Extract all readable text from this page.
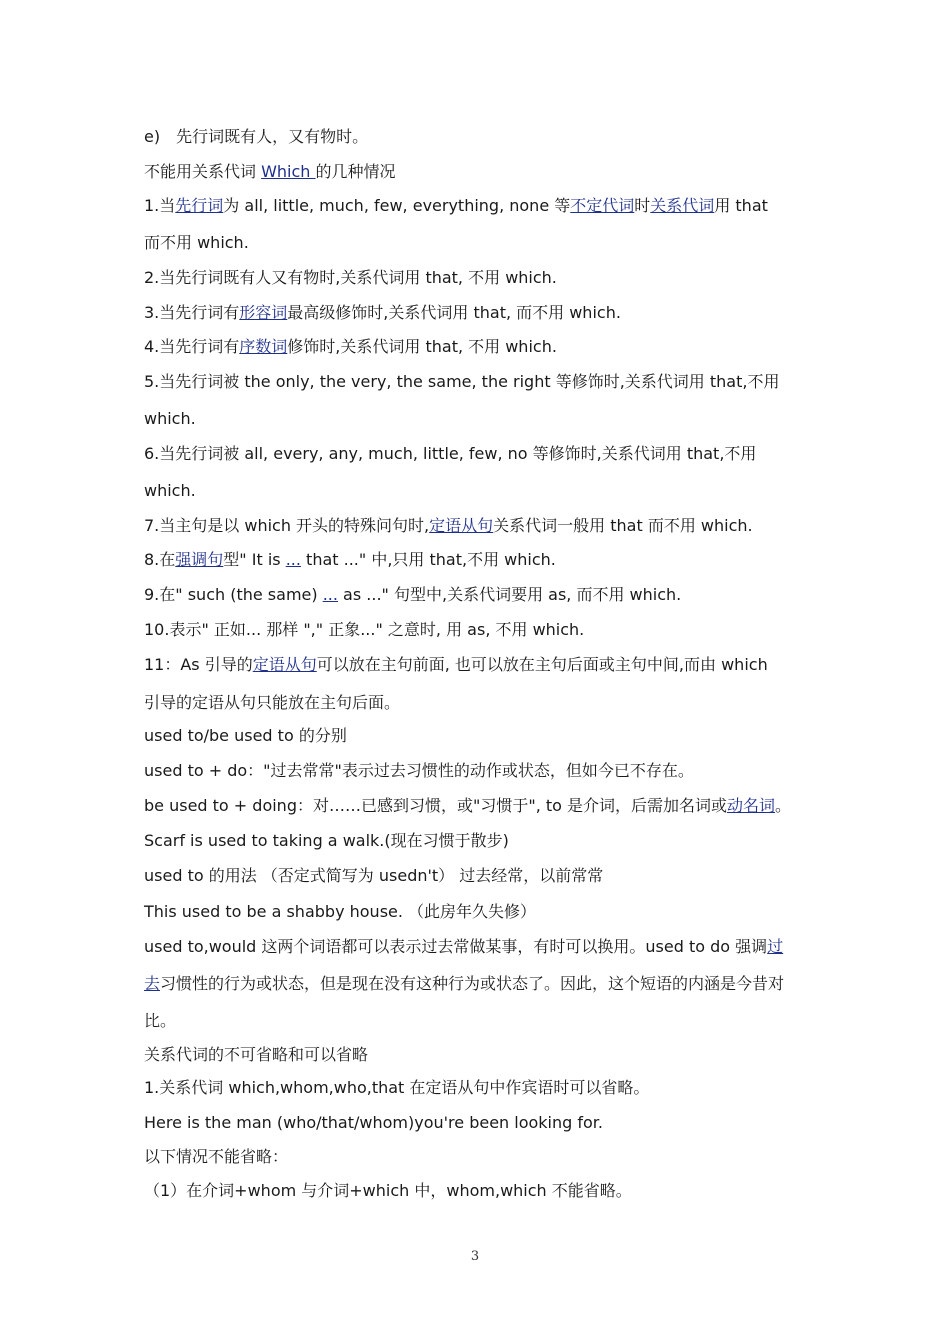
e)　先行词既有人，又有物时。
不能用关系代词 Which 的几种情况
1.当先行词为 all, little, much, few, everything, none 等不定代词时关系代词用 that
而不用 which.
2.当先行词既有人又有物时,关系代词用 that, 不用 which.
3.当先行词有形容词最高级修饰时,关系代词用 that, 而不用 which.
4.当先行词有序数词修饰时,关系代词用 that, 不用 which.
5.当先行词被 the only, the very, the same, the right 等修饰时,关系代词用 that,不用
which.
6.当先行词被 all, every, any, much, little, few, no 等修饰时,关系代词用 that,不用
which.
7.当主句是以 which 开头的特殊问句时,定语从句关系代词一般用 that 而不用 which.
8.在强调句型" It is ... that ..." 中,只用 that,不用 which.
9.在" such (the same) ... as ..." 句型中,关系代词要用 as, 而不用 which.
10.表示" 正如... 那样 "," 正象..." 之意时, 用 as, 不用 which.
11：As 引导的定语从句可以放在主句前面, 也可以放在主句后面或主句中间,而由 which
引导的定语从句只能放在主句后面。
used to/be used to 的分别
used to + do："过去常常"表示过去习惯性的动作或状态，但如今已不存在。
be used to + doing：对……已感到习惯，或"习惯于", to 是介词，后需加名词或动名词。
Scarf is used to taking a walk.(现在习惯于散步)
used to 的用法 （否定式简写为 usedn't） 过去经常，以前常常
This used to be a shabby house. （此房年久失修）
used to,would 这两个词语都可以表示过去常做某事，有时可以换用。used to do 强调过
去习惯性的行为或状态，但是现在没有这种行为或状态了。因此，这个短语的内涵是今昔对
比。
关系代词的不可省略和可以省略
1.关系代词 which,whom,who,that 在定语从句中作宾语时可以省略。
Here is the man (who/that/whom)you're been looking for.
以下情况不能省略：
（1）在介词+whom 与介词+which 中，whom,which 不能省略。
3
